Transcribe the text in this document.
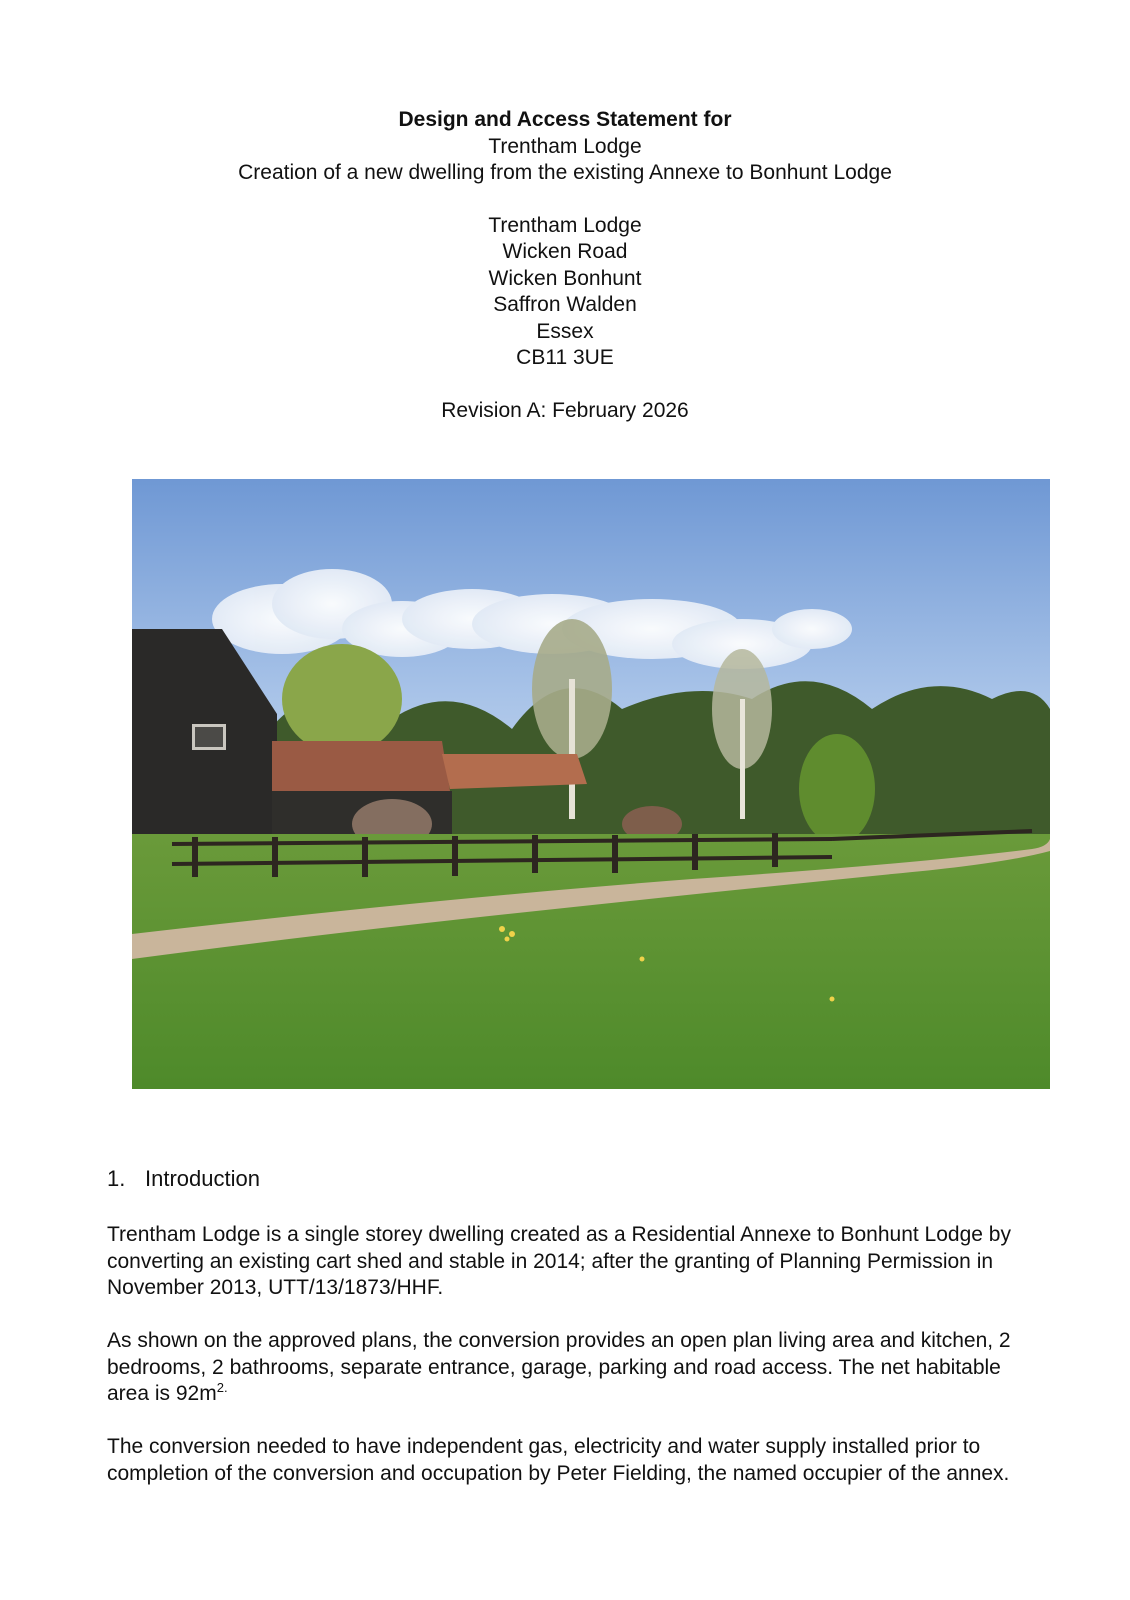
Design and Access Statement for
Trentham Lodge
Creation of a new dwelling from the existing Annexe to Bonhunt Lodge
Trentham Lodge
Wicken Road
Wicken Bonhunt
Saffron Walden
Essex
CB11 3UE
Revision A: February 2026
1. Introduction

Trentham Lodge is a single storey dwelling created as a Residential Annexe to Bonhunt Lodge by converting an existing cart shed and stable in 2014; after the granting of Planning Permission in November 2013, UTT/13/1873/HHF.

As shown on the approved plans, the conversion provides an open plan living area and kitchen, 2 bedrooms, 2 bathrooms, separate entrance, garage, parking and road access. The net habitable area is $92m^{2.}$

The conversion needed to have independent gas, electricity and water supply installed prior to completion of the conversion and occupation by Peter Fielding, the named occupier of the annex.
